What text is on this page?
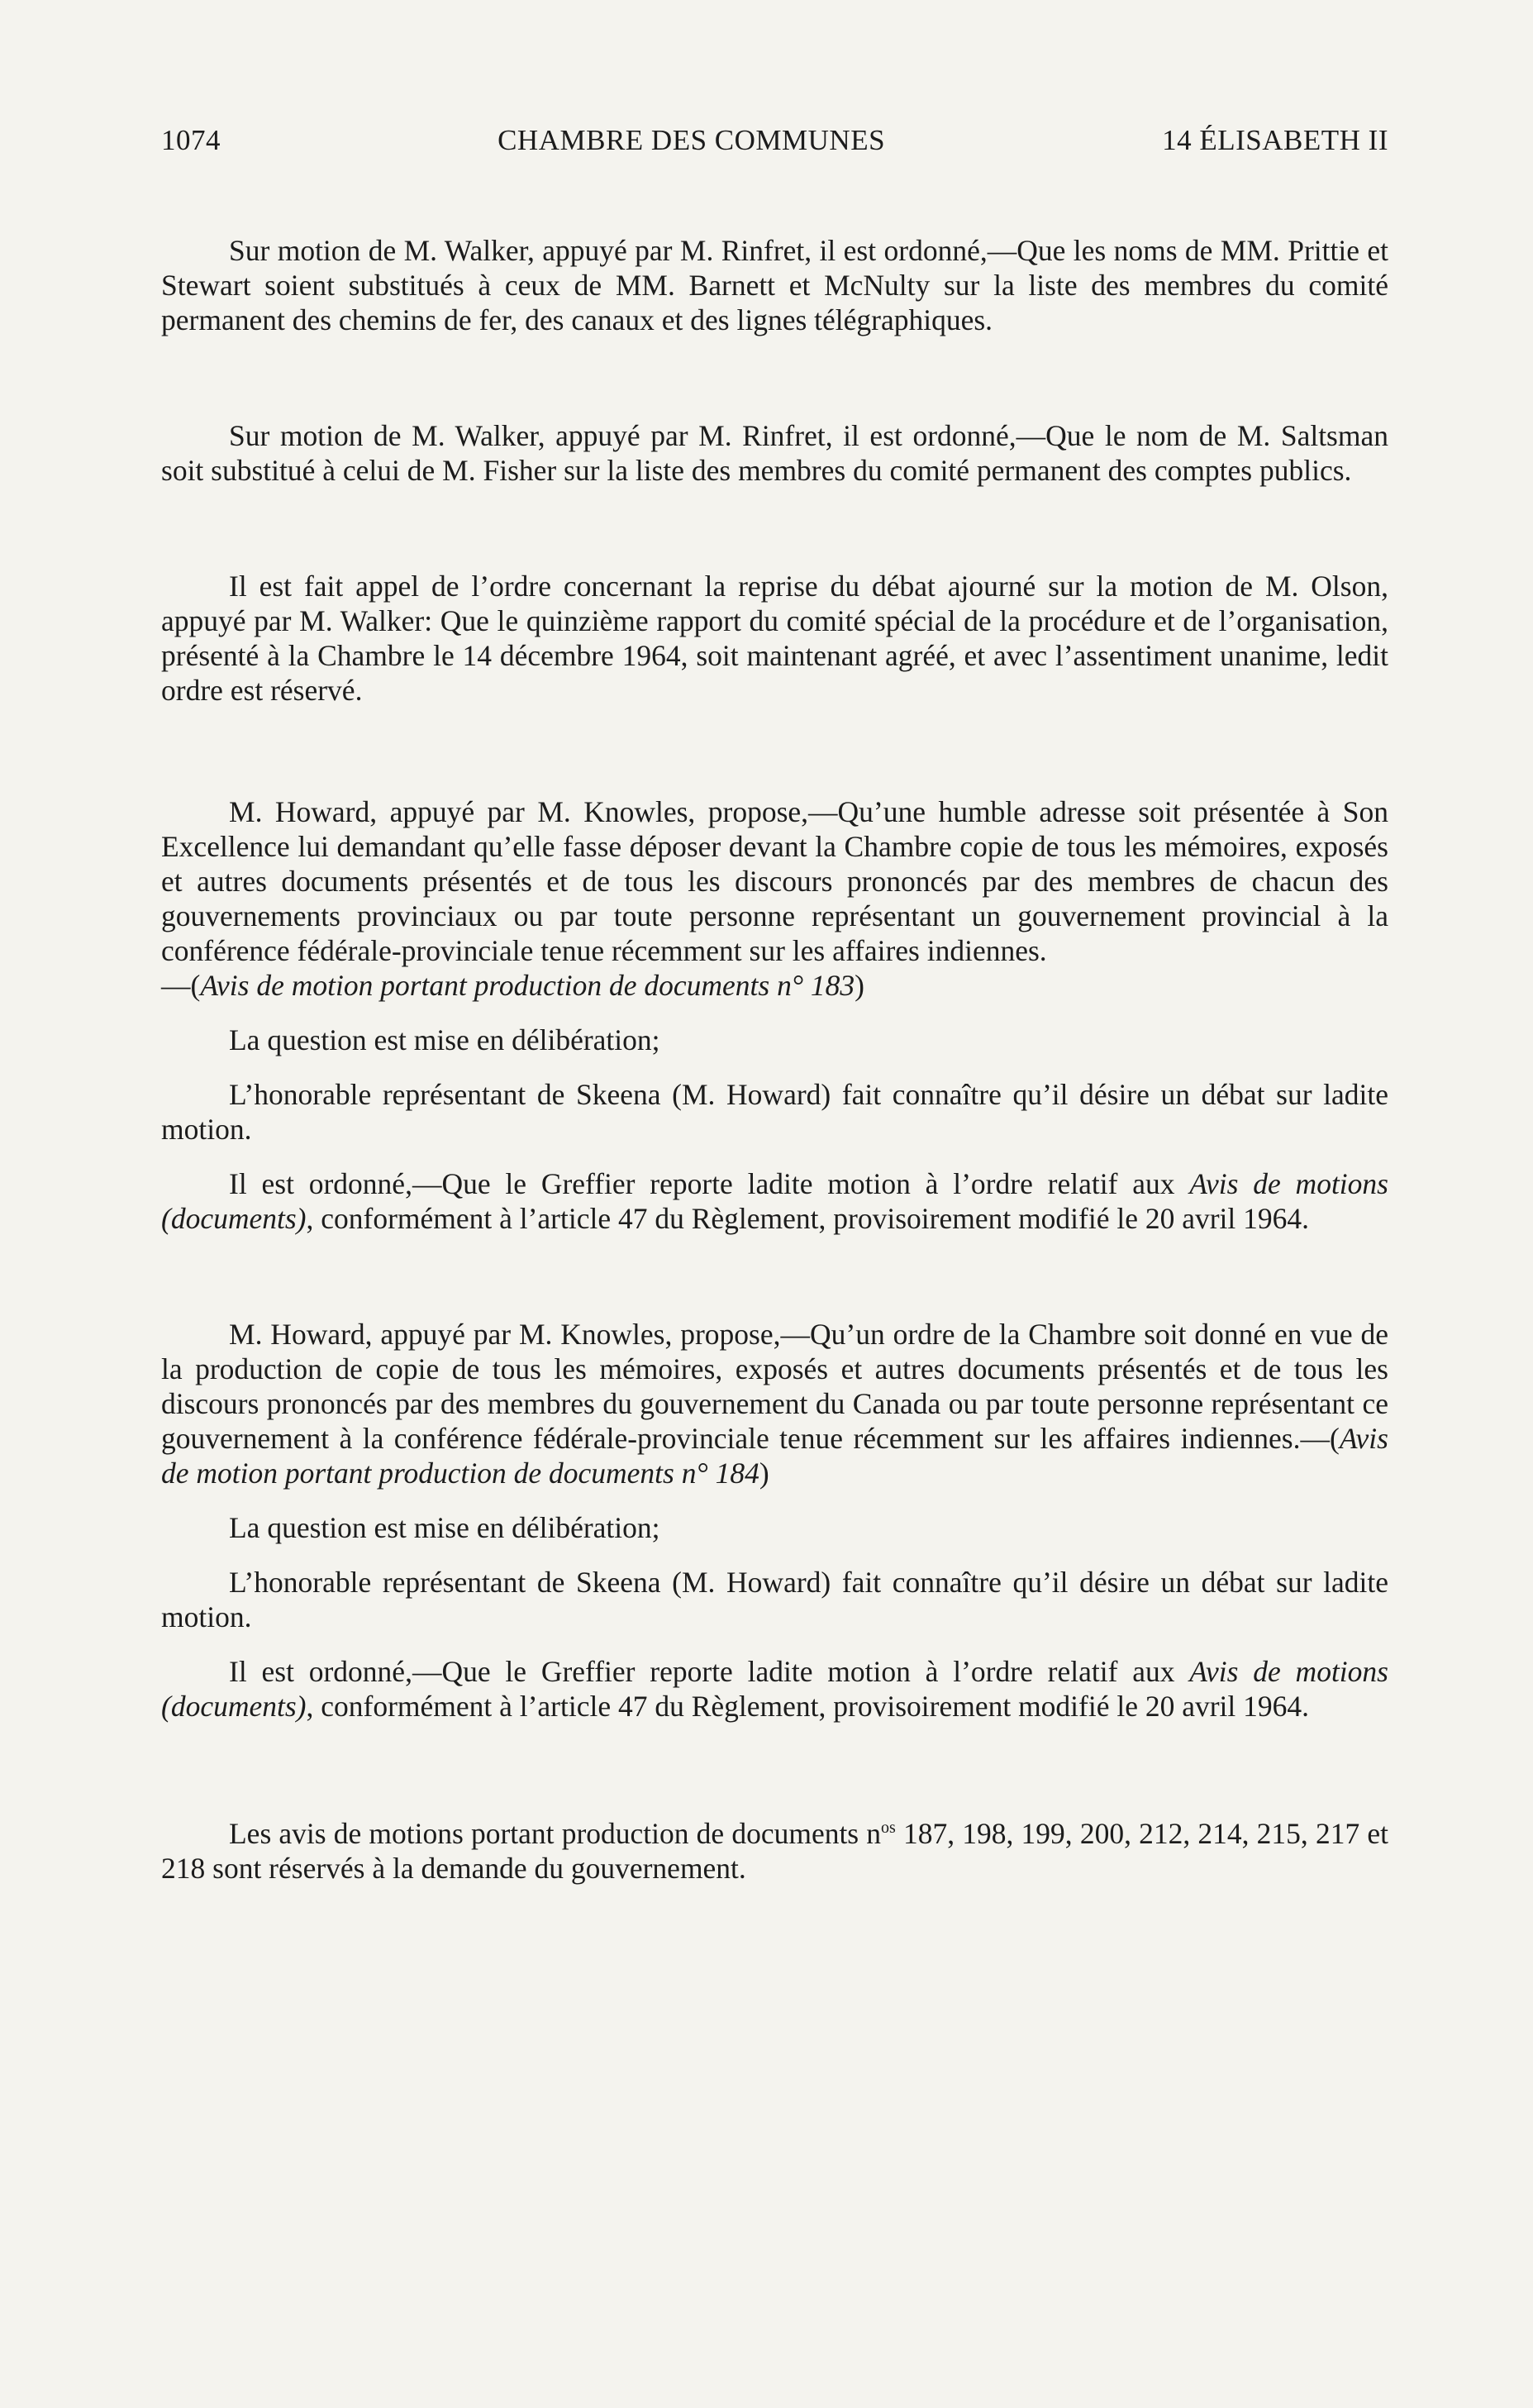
1074	CHAMBRE DES COMMUNES	14 ÉLISABETH II

Sur motion de M. Walker, appuyé par M. Rinfret, il est ordonné,—Que les noms de MM. Prittie et Stewart soient substitués à ceux de MM. Barnett et McNulty sur la liste des membres du comité permanent des chemins de fer, des canaux et des lignes télégraphiques.

Sur motion de M. Walker, appuyé par M. Rinfret, il est ordonné,—Que le nom de M. Saltsman soit substitué à celui de M. Fisher sur la liste des membres du comité permanent des comptes publics.

Il est fait appel de l’ordre concernant la reprise du débat ajourné sur la motion de M. Olson, appuyé par M. Walker: Que le quinzième rapport du comité spécial de la procédure et de l’organisation, présenté à la Chambre le 14 décembre 1964, soit maintenant agréé, et avec l’assentiment unanime, ledit ordre est réservé.

M. Howard, appuyé par M. Knowles, propose,—Qu’une humble adresse soit présentée à Son Excellence lui demandant qu’elle fasse déposer devant la Chambre copie de tous les mémoires, exposés et autres documents présentés et de tous les discours prononcés par des membres de chacun des gouvernements provinciaux ou par toute personne représentant un gouvernement provincial à la conférence fédérale-provinciale tenue récemment sur les affaires indiennes.
—(Avis de motion portant production de documents n° 183)

La question est mise en délibération;

L’honorable représentant de Skeena (M. Howard) fait connaître qu’il désire un débat sur ladite motion.

Il est ordonné,—Que le Greffier reporte ladite motion à l’ordre relatif aux Avis de motions (documents), conformément à l’article 47 du Règlement, provisoirement modifié le 20 avril 1964.

M. Howard, appuyé par M. Knowles, propose,—Qu’un ordre de la Chambre soit donné en vue de la production de copie de tous les mémoires, exposés et autres documents présentés et de tous les discours prononcés par des membres du gouvernement du Canada ou par toute personne représentant ce gouvernement à la conférence fédérale-provinciale tenue récemment sur les affaires indiennes.—(Avis de motion portant production de documents n° 184)

La question est mise en délibération;

L’honorable représentant de Skeena (M. Howard) fait connaître qu’il désire un débat sur ladite motion.

Il est ordonné,—Que le Greffier reporte ladite motion à l’ordre relatif aux Avis de motions (documents), conformément à l’article 47 du Règlement, provisoirement modifié le 20 avril 1964.

Les avis de motions portant production de documents $n^{os}$ 187, 198, 199, 200, 212, 214, 215, 217 et 218 sont réservés à la demande du gouvernement.
